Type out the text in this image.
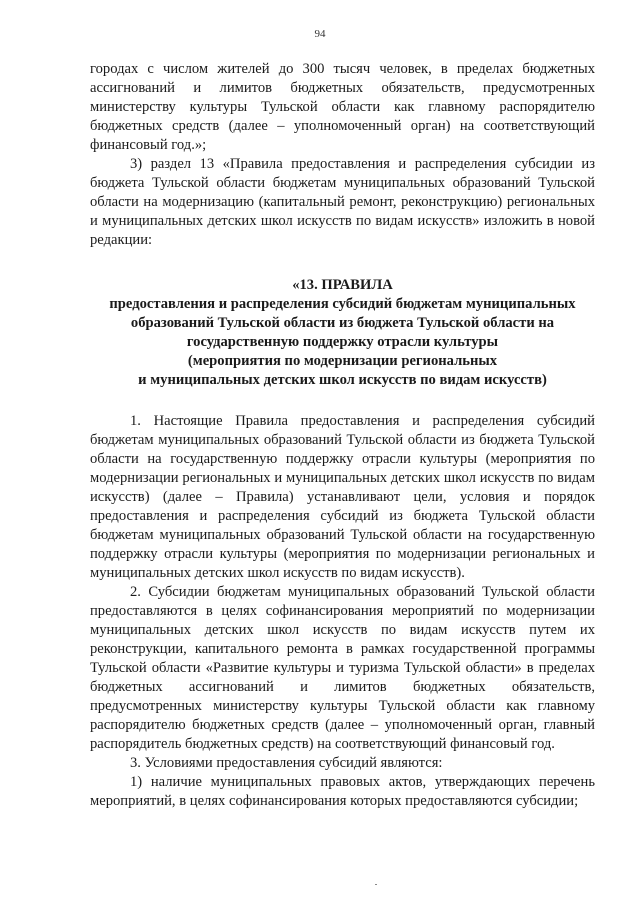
94

городах с числом жителей до 300 тысяч человек, в пределах бюджетных ассигнований и лимитов бюджетных обязательств, предусмотренных министерству культуры Тульской области как главному распорядителю бюджетных средств (далее – уполномоченный орган) на соответствующий финансовый год.»;

3) раздел 13 «Правила предоставления и распределения субсидии из бюджета Тульской области бюджетам муниципальных образований Тульской области на модернизацию (капитальный ремонт, реконструкцию) региональных и муниципальных детских школ искусств по видам искусств» изложить в новой редакции:

«13. ПРАВИЛА

предоставления и распределения субсидий бюджетам муниципальных

образований Тульской области из бюджета Тульской области на

государственную поддержку отрасли культуры

(мероприятия по модернизации региональных

и муниципальных детских школ искусств по видам искусств)

1. Настоящие Правила предоставления и распределения субсидий бюджетам муниципальных образований Тульской области из бюджета Тульской области на государственную поддержку отрасли культуры (мероприятия по модернизации региональных и муниципальных детских школ искусств по видам искусств) (далее – Правила) устанавливают цели, условия и порядок предоставления и распределения субсидий из бюджета Тульской области бюджетам муниципальных образований Тульской области на государственную поддержку отрасли культуры (мероприятия по модернизации региональных и муниципальных детских школ искусств по видам искусств).

2. Субсидии бюджетам муниципальных образований Тульской области предоставляются в целях софинансирования мероприятий по модернизации муниципальных детских школ искусств по видам искусств путем их реконструкции, капитального ремонта в рамках государственной программы Тульской области «Развитие культуры и туризма Тульской области» в пределах бюджетных ассигнований и лимитов бюджетных обязательств, предусмотренных министерству культуры Тульской области как главному распорядителю бюджетных средств (далее – уполномоченный орган, главный распорядитель бюджетных средств) на соответствующий финансовый год.

3. Условиями предоставления субсидий являются:

1) наличие муниципальных правовых актов, утверждающих перечень мероприятий, в целях софинансирования которых предоставляются субсидии;
